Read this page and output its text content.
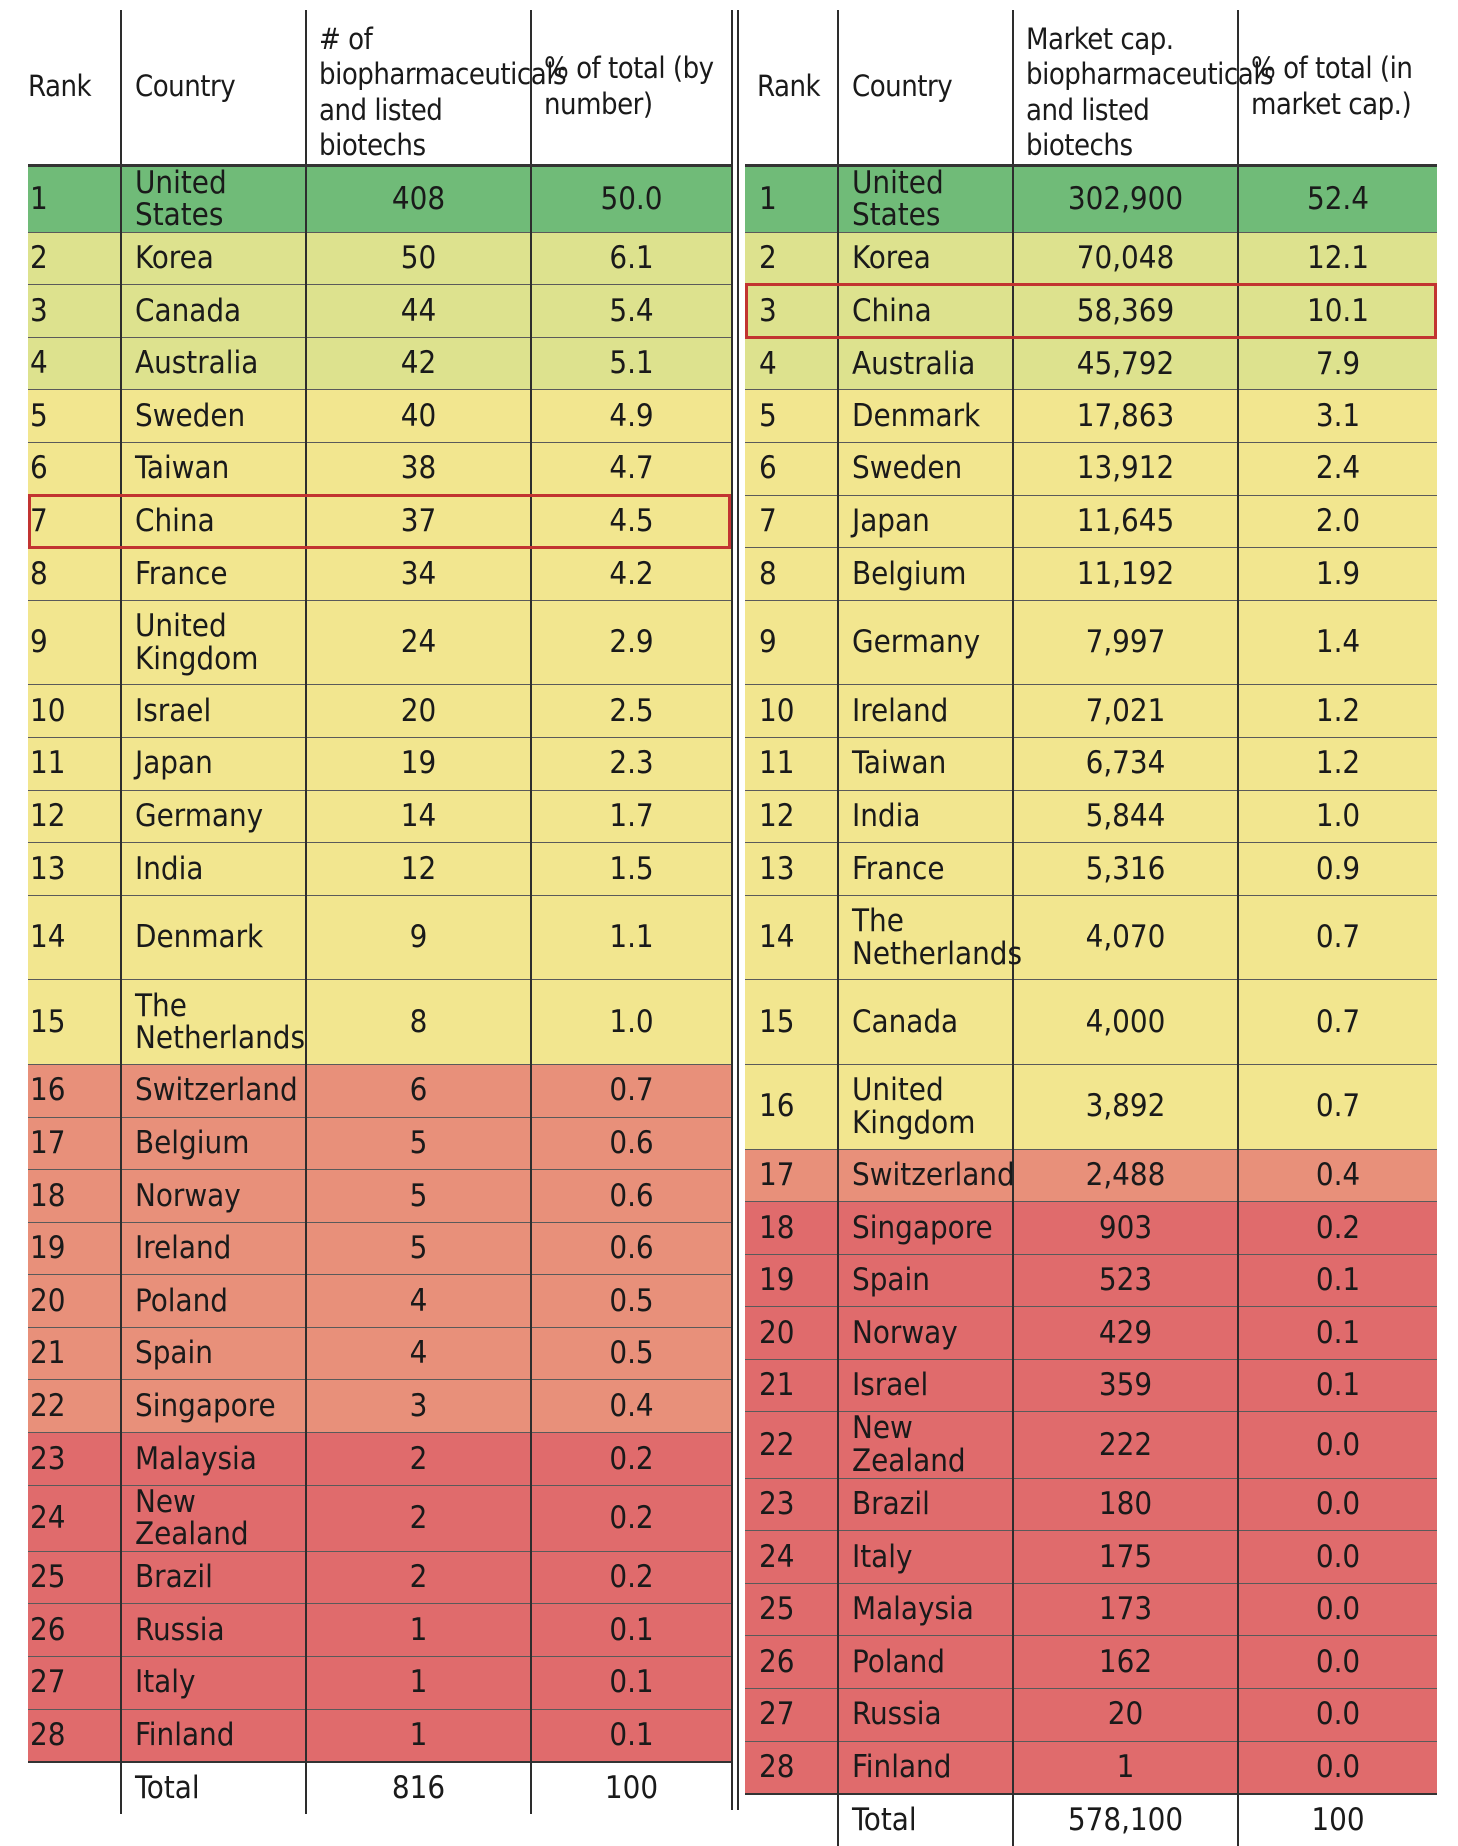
Rank	Country	# of biopharmaceuticals and listed biotechs	% of total (by number)
1	United States	408	50.0
2	Korea	50	6.1
3	Canada	44	5.4
4	Australia	42	5.1
5	Sweden	40	4.9
6	Taiwan	38	4.7
7	China	37	4.5
8	France	34	4.2
9	United Kingdom	24	2.9
10	Israel	20	2.5
11	Japan	19	2.3
12	Germany	14	1.7
13	India	12	1.5
14	Denmark	9	1.1
15	The Netherlands	8	1.0
16	Switzerland	6	0.7
17	Belgium	5	0.6
18	Norway	5	0.6
19	Ireland	5	0.6
20	Poland	4	0.5
21	Spain	4	0.5
22	Singapore	3	0.4
23	Malaysia	2	0.2
24	New Zealand	2	0.2
25	Brazil	2	0.2
26	Russia	1	0.1
27	Italy	1	0.1
28	Finland	1	0.1
	Total	816	100
Rank	Country	Market cap. biopharmaceuticals and listed biotechs	% of total (in market cap.)
1	United States	302,900	52.4
2	Korea	70,048	12.1
3	China	58,369	10.1
4	Australia	45,792	7.9
5	Denmark	17,863	3.1
6	Sweden	13,912	2.4
7	Japan	11,645	2.0
8	Belgium	11,192	1.9
9	Germany	7,997	1.4
10	Ireland	7,021	1.2
11	Taiwan	6,734	1.2
12	India	5,844	1.0
13	France	5,316	0.9
14	The Netherlands	4,070	0.7
15	Canada	4,000	0.7
16	United Kingdom	3,892	0.7
17	Switzerland	2,488	0.4
18	Singapore	903	0.2
19	Spain	523	0.1
20	Norway	429	0.1
21	Israel	359	0.1
22	New Zealand	222	0.0
23	Brazil	180	0.0
24	Italy	175	0.0
25	Malaysia	173	0.0
26	Poland	162	0.0
27	Russia	20	0.0
28	Finland	1	0.0
	Total	578,100	100
